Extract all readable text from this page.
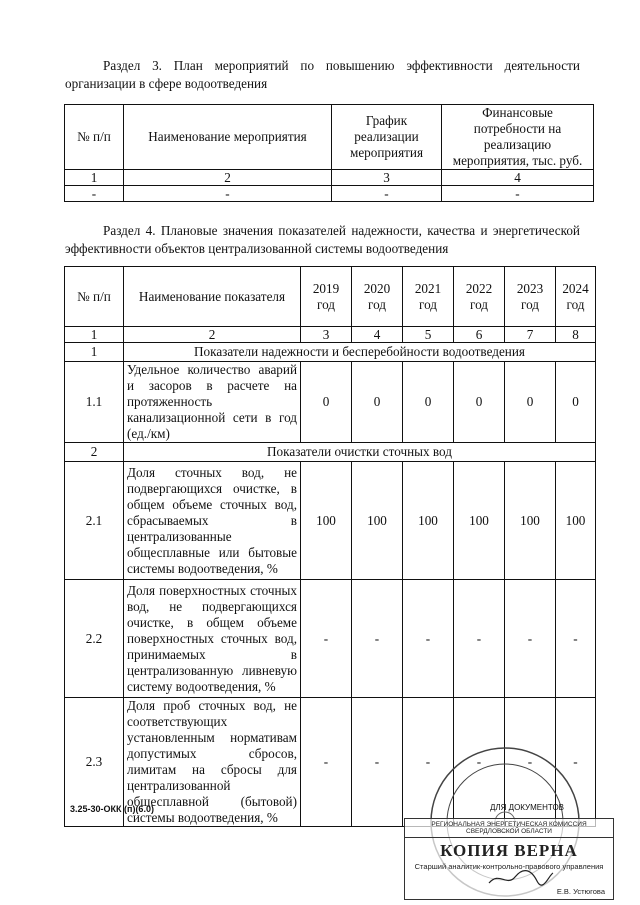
Раздел 3. План мероприятий по повышению эффективности деятельности организации в сфере водоотведения
№ п/п	Наименование мероприятия	График реализации мероприятия	Финансовые потребности на реализацию мероприятия, тыс. руб.
1	2	3	4
-	-	-	-
Раздел 4. Плановые значения показателей надежности, качества и энергетической эффективности объектов централизованной системы водоотведения
№ п/п	Наименование показателя	2019 год	2020 год	2021 год	2022 год	2023 год	2024 год
1	2	3	4	5	6	7	8
1	Показатели надежности и бесперебойности водоотведения						
1.1	Удельное количество аварий и засоров в расчете на протяженность канализационной сети в год (ед./км)	0	0	0	0	0	0
2	Показатели очистки сточных вод						
2.1	Доля сточных вод, не подвергающихся очистке, в общем объеме сточных вод, сбрасываемых в централизованные общесплавные или бытовые системы водоотведения, %	100	100	100	100	100	100
2.2	Доля поверхностных сточных вод, не подвергающихся очистке, в общем объеме поверхностных сточных вод, принимаемых в централизованную ливневую систему водоотведения, %	-	-	-	-	-	-
2.3	Доля проб сточных вод, не соответствующих установленным нормативам допустимых сбросов, лимитам на сбросы для централизованной общесплавной (бытовой) системы водоотведения, %	-	-	-	-	-	-
3.25-30-ОКК (п)(6.0)	ДЛЯ ДОКУМЕНТОВ
РЕГИОНАЛЬНАЯ ЭНЕРГЕТИЧЕСКАЯ КОМИССИЯ СВЕРДЛОВСКОЙ ОБЛАСТИ
КОПИЯ ВЕРНА
Старший аналитик-контрольно-правового управления
Е.В. Устюгова
